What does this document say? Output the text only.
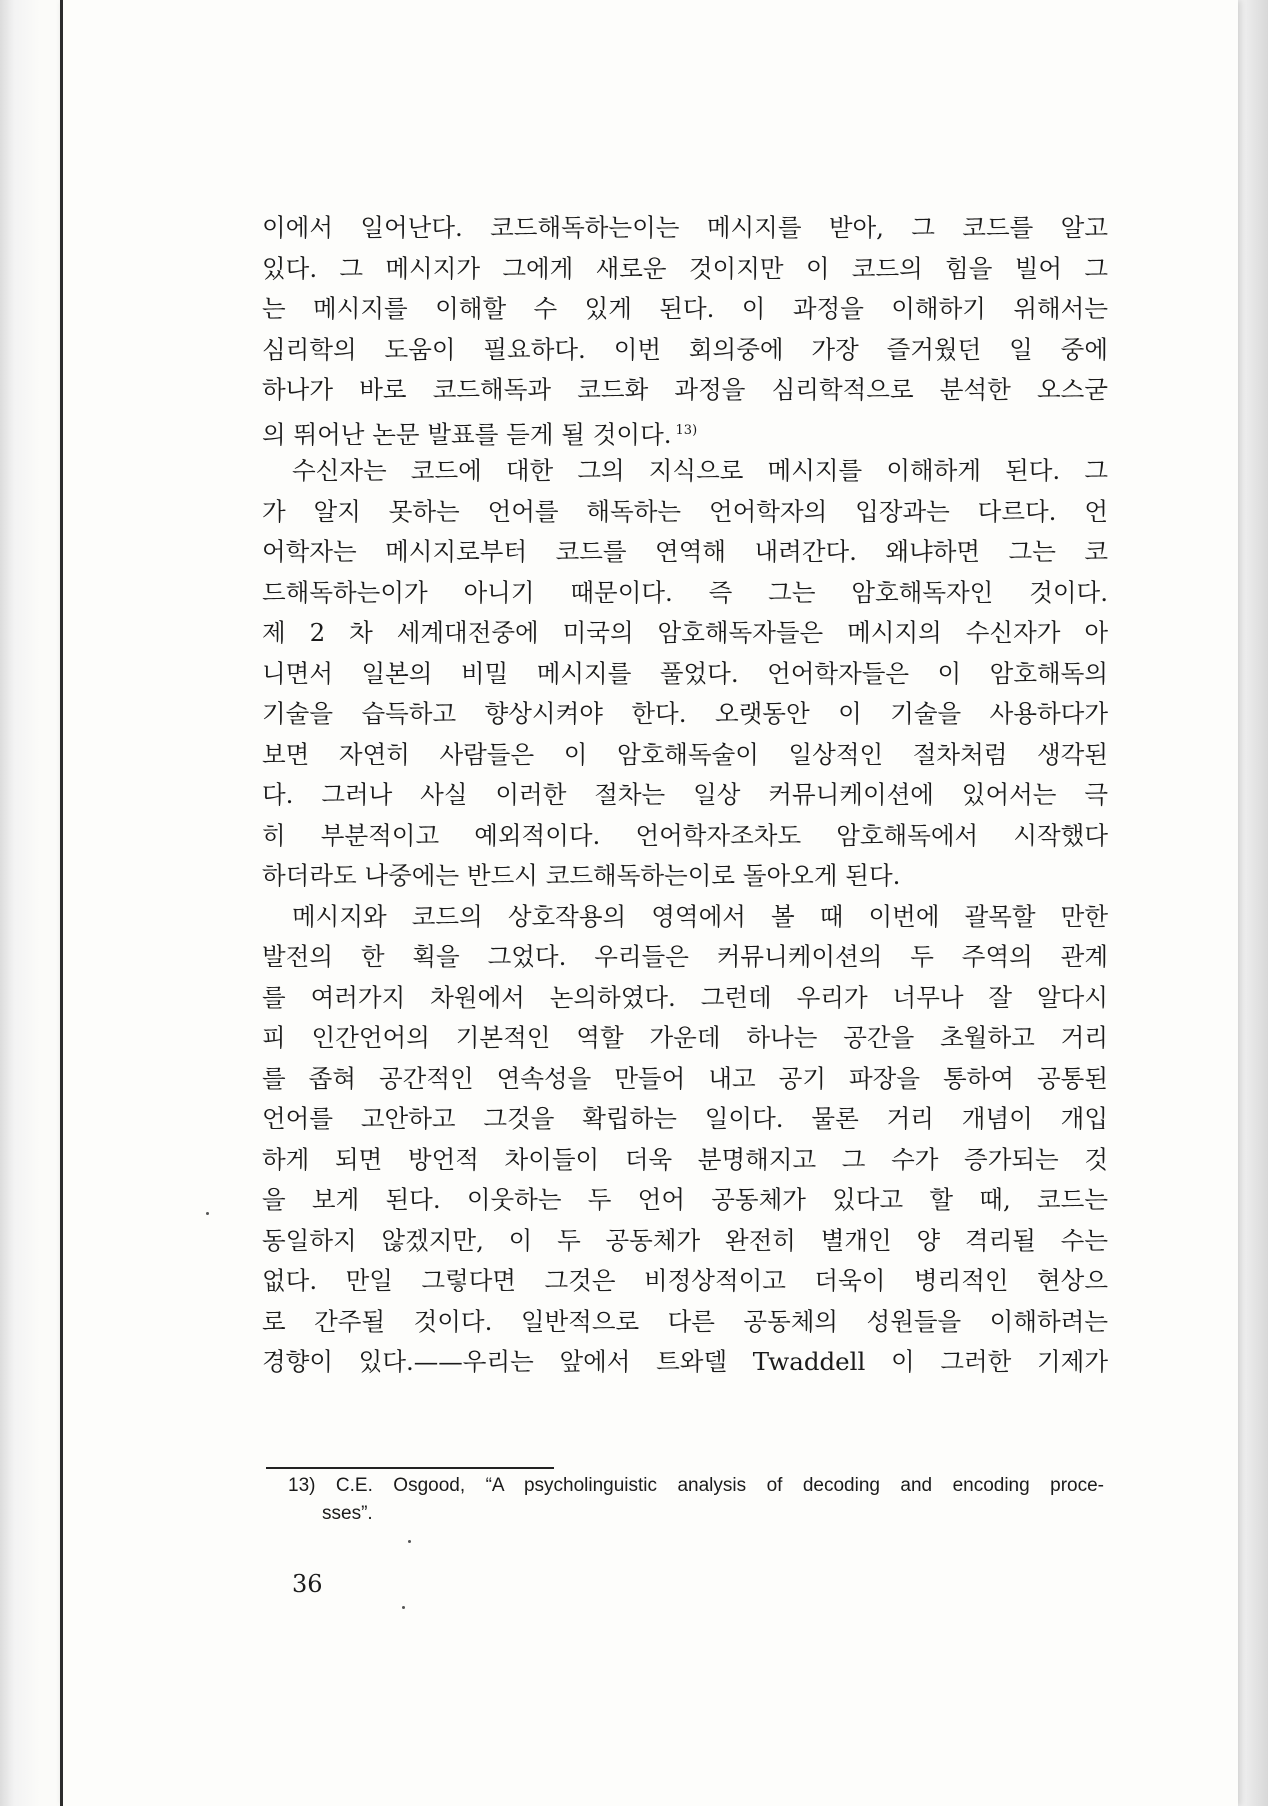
이에서 일어난다. 코드해독하는이는 메시지를 받아, 그 코드를 알고
있다. 그 메시지가 그에게 새로운 것이지만 이 코드의 힘을 빌어 그
는 메시지를 이해할 수 있게 된다. 이 과정을 이해하기 위해서는
심리학의 도움이 필요하다. 이번 회의중에 가장 즐거웠던 일 중에
하나가 바로 코드해독과 코드화 과정을 심리학적으로 분석한 오스굳
의 뛰어난 논문 발표를 듣게 될 것이다. $^{13)}$
수신자는 코드에 대한 그의 지식으로 메시지를 이해하게 된다. 그
가 알지 못하는 언어를 해독하는 언어학자의 입장과는 다르다. 언
어학자는 메시지로부터 코드를 연역해 내려간다. 왜냐하면 그는 코
드해독하는이가 아니기 때문이다. 즉 그는 암호해독자인 것이다.
제 2 차 세계대전중에 미국의 암호해독자들은 메시지의 수신자가 아
니면서 일본의 비밀 메시지를 풀었다. 언어학자들은 이 암호해독의
기술을 습득하고 향상시켜야 한다. 오랫동안 이 기술을 사용하다가
보면 자연히 사람들은 이 암호해독술이 일상적인 절차처럼 생각된
다. 그러나 사실 이러한 절차는 일상 커뮤니케이션에 있어서는 극
히 부분적이고 예외적이다. 언어학자조차도 암호해독에서 시작했다
하더라도 나중에는 반드시 코드해독하는이로 돌아오게 된다.
메시지와 코드의 상호작용의 영역에서 볼 때 이번에 괄목할 만한
발전의 한 획을 그었다. 우리들은 커뮤니케이션의 두 주역의 관계
를 여러가지 차원에서 논의하였다. 그런데 우리가 너무나 잘 알다시
피 인간언어의 기본적인 역할 가운데 하나는 공간을 초월하고 거리
를 좁혀 공간적인 연속성을 만들어 내고 공기 파장을 통하여 공통된
언어를 고안하고 그것을 확립하는 일이다. 물론 거리 개념이 개입
하게 되면 방언적 차이들이 더욱 분명해지고 그 수가 증가되는 것
을 보게 된다. 이웃하는 두 언어 공동체가 있다고 할 때, 코드는
동일하지 않겠지만, 이 두 공동체가 완전히 별개인 양 격리될 수는
없다. 만일 그렇다면 그것은 비정상적이고 더욱이 병리적인 현상으
로 간주될 것이다. 일반적으로 다른 공동체의 성원들을 이해하려는
경향이 있다.——우리는 앞에서 트와델 Twaddell 이 그러한 기제가
13) C.E. Osgood, “A psycholinguistic analysis of decoding and encoding proce-
sses”.
36
